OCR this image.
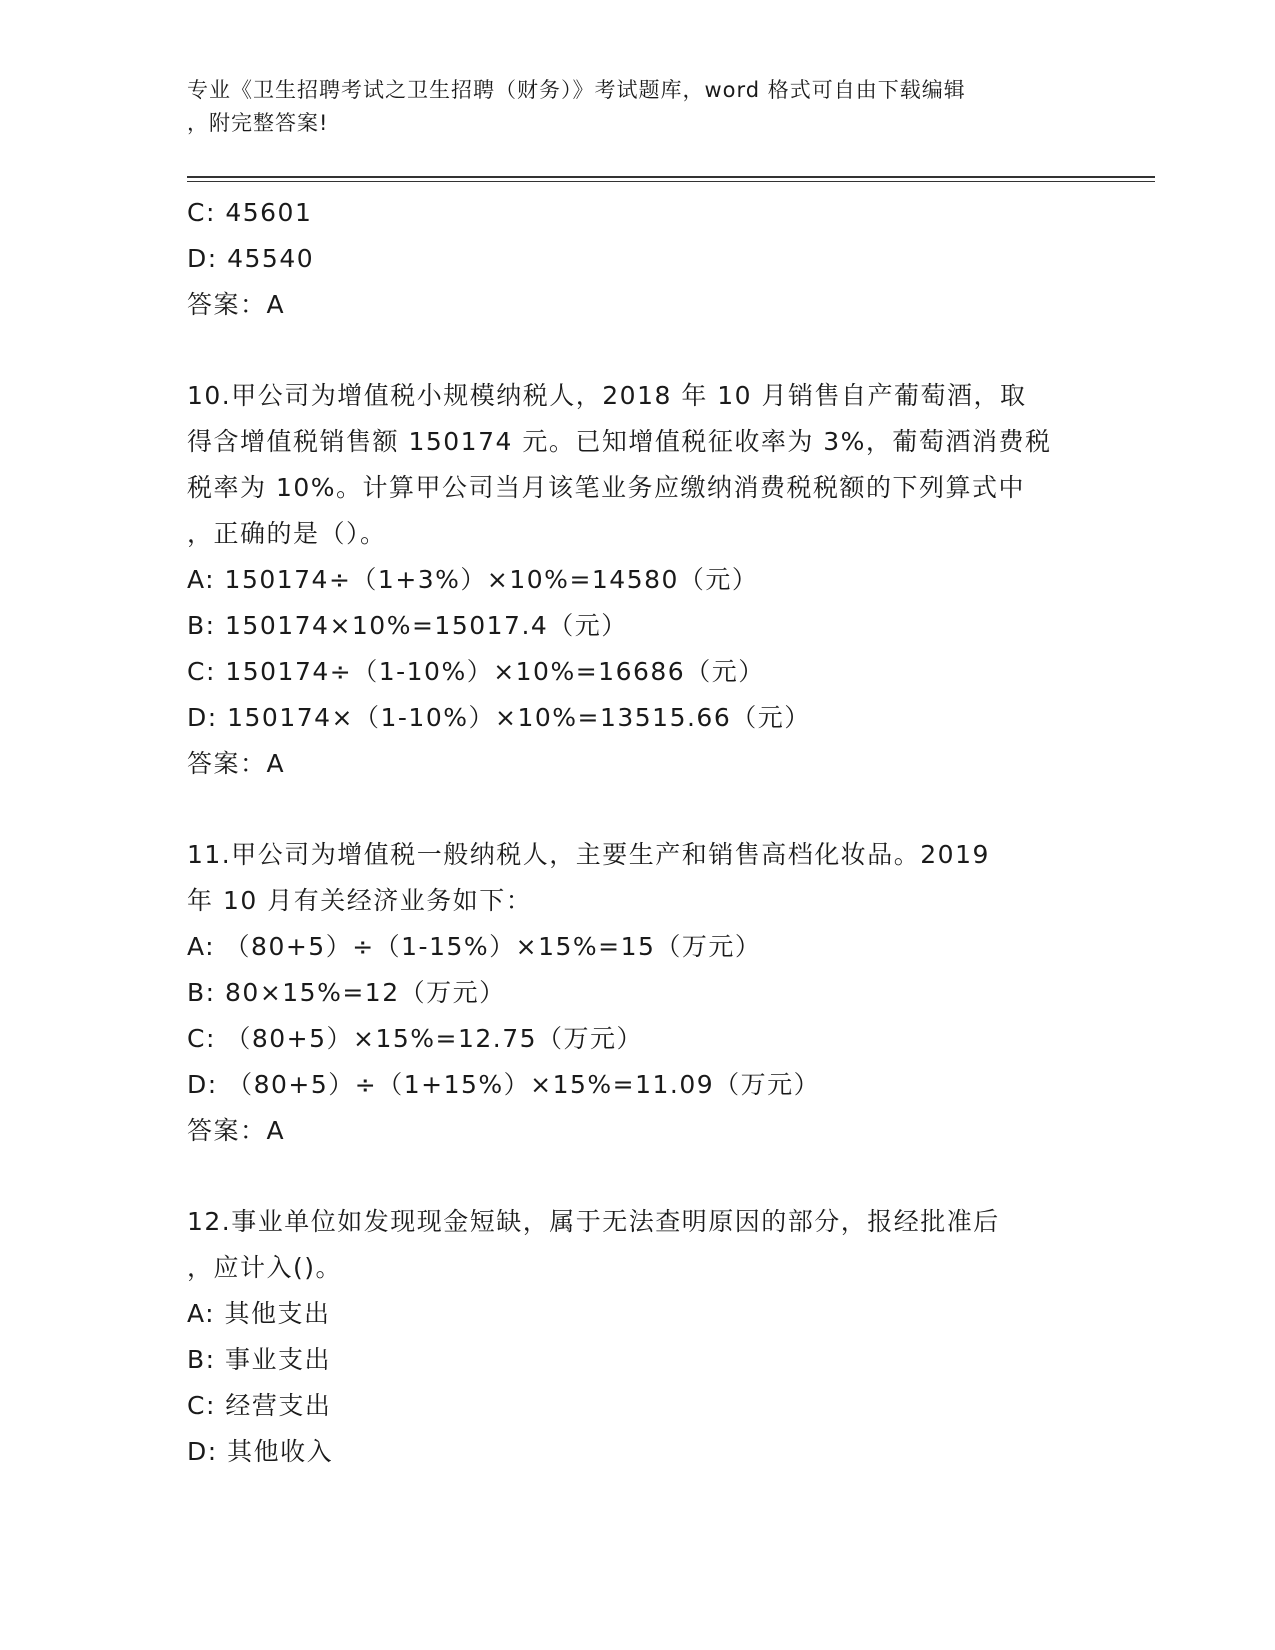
专业《卫生招聘考试之卫生招聘（财务）》考试题库，word 格式可自由下载编辑
，附完整答案!
C: 45601
D: 45540
答案：A
10.甲公司为增值税小规模纳税人，2018 年 10 月销售自产葡萄酒，取
得含增值税销售额 150174 元。已知增值税征收率为 3%，葡萄酒消费税
税率为 10%。计算甲公司当月该笔业务应缴纳消费税税额的下列算式中
，正确的是（）。
A: 150174÷（1+3%）×10%=14580（元）
B: 150174×10%=15017.4（元）
C: 150174÷（1-10%）×10%=16686（元）
D: 150174×（1-10%）×10%=13515.66（元）
答案：A
11.甲公司为增值税一般纳税人，主要生产和销售高档化妆品。2019
年 10 月有关经济业务如下：
A: （80+5）÷（1-15%）×15%=15（万元）
B: 80×15%=12（万元）
C: （80+5）×15%=12.75（万元）
D: （80+5）÷（1+15%）×15%=11.09（万元）
答案：A
12.事业单位如发现现金短缺，属于无法查明原因的部分，报经批准后
，应计入()。
A: 其他支出
B: 事业支出
C: 经营支出
D: 其他收入
